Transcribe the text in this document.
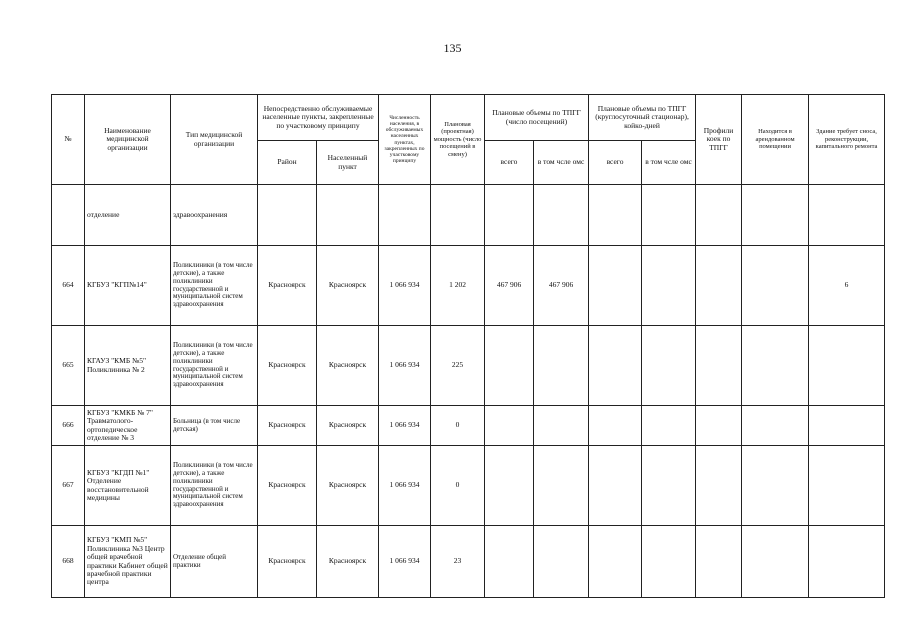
135
№	Наименование медицинской организации	Тип медицинской организации	Непосредственно обслуживаемые населенные пункты, закрепленные по участковому принципу		Численность населения, в обслуживаемых населенных пунктах, закрепленных по участковому принципу	Плановая (проектная) мощность (число посещений в смену)	Плановые объемы по ТПГГ (число посещений)		Плановые объемы по ТПГГ (круглосуточный стационар), койко-дней		Профили коек по ТПГГ	Находится в арендованном помещении	Здание требует сноса, реконструкции, капитального ремонта
			Район	Населенный пункт			всего	в том чсле омс	всего	в том чсле омс			
	отделение	здравоохранения											
664	КГБУЗ "КГП№14"	Поликлиники (в том числе детские), а также поликлиники государственной и муниципальной систем здравоохранения	Красноярск	Красноярск	1 066 934	1 202	467 906	467 906					6
665	КГАУЗ "КМБ №5" Поликлиника № 2	Поликлиники (в том числе детские), а также поликлиники государственной и муниципальной систем здравоохранения	Красноярск	Красноярск	1 066 934	225							
666	КГБУЗ "КМКБ № 7" Травматолого-ортопедическое отделение № 3	Больница (в том числе детская)	Красноярск	Красноярск	1 066 934	0							
667	КГБУЗ "КГДП №1" Отделение восстановительной медицины	Поликлиники (в том числе детские), а также поликлиники государственной и муниципальной систем здравоохранения	Красноярск	Красноярск	1 066 934	0							
668	КГБУЗ "КМП №5" Поликлиника №3 Центр общей врачебной практики Кабинет общей врачебной практики центра	Отделение общей практики	Красноярск	Красноярск	1 066 934	23							
